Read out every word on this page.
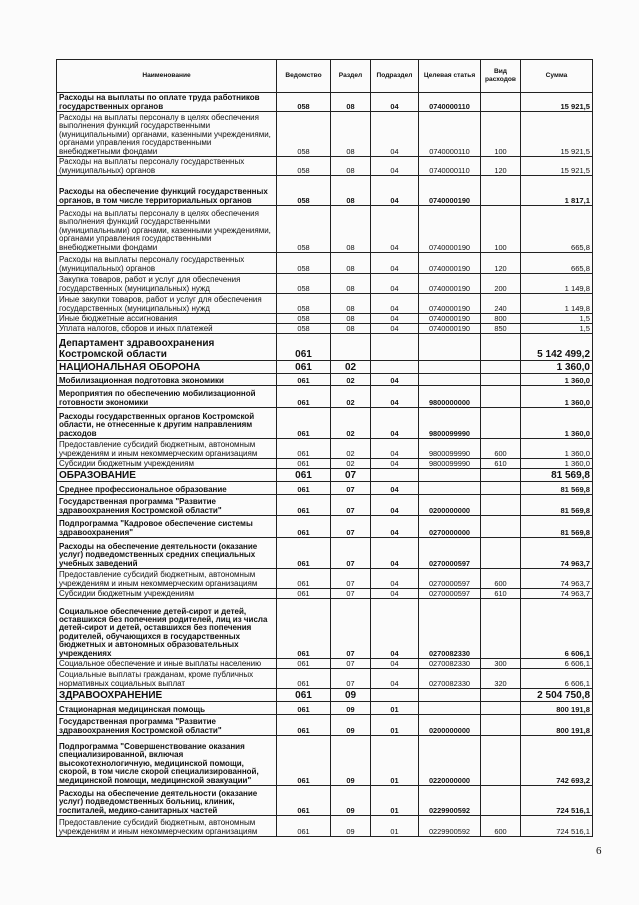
Наименование	Ведомство	Раздел	Подраздел	Целевая статья	Вид расходов	Сумма
Расходы на выплаты по оплате труда работников государственных органов	058	08	04	0740000110		15 921,5
Расходы на выплаты персоналу в целях обеспечения выполнения функций государственными (муниципальными) органами, казенными учреждениями, органами управления государственными внебюджетными фондами	058	08	04	0740000110	100	15 921,5
Расходы на выплаты персоналу государственных (муниципальных) органов	058	08	04	0740000110	120	15 921,5
Расходы на обеспечение функций государственных органов, в том числе территориальных органов	058	08	04	0740000190		1 817,1
Расходы на выплаты персоналу в целях обеспечения выполнения функций государственными (муниципальными) органами, казенными учреждениями, органами управления государственными внебюджетными фондами	058	08	04	0740000190	100	665,8
Расходы на выплаты персоналу государственных (муниципальных) органов	058	08	04	0740000190	120	665,8
Закупка товаров, работ и услуг для обеспечения государственных (муниципальных) нужд	058	08	04	0740000190	200	1 149,8
Иные закупки товаров, работ и услуг для обеспечения государственных (муниципальных) нужд	058	08	04	0740000190	240	1 149,8
Иные бюджетные ассигнования	058	08	04	0740000190	800	1,5
Уплата налогов, сборов и иных платежей	058	08	04	0740000190	850	1,5
Департамент здравоохранения Костромской области	061					5 142 499,2
НАЦИОНАЛЬНАЯ ОБОРОНА	061	02				1 360,0
Мобилизационная подготовка экономики	061	02	04			1 360,0
Мероприятия по обеспечению мобилизационной готовности экономики	061	02	04	9800000000		1 360,0
Расходы государственных органов Костромской области, не отнесенные к другим направлениям расходов	061	02	04	9800099990		1 360,0
Предоставление субсидий бюджетным, автономным учреждениям и иным некоммерческим организациям	061	02	04	9800099990	600	1 360,0
Субсидии бюджетным учреждениям	061	02	04	9800099990	610	1 360,0
ОБРАЗОВАНИЕ	061	07				81 569,8
Среднее профессиональное образование	061	07	04			81 569,8
Государственная программа "Развитие здравоохранения Костромской области"	061	07	04	0200000000		81 569,8
Подпрограмма "Кадровое обеспечение системы здравоохранения"	061	07	04	0270000000		81 569,8
Расходы на обеспечение деятельности (оказание услуг) подведомственных средних специальных учебных заведений	061	07	04	0270000597		74 963,7
Предоставление субсидий бюджетным, автономным учреждениям и иным некоммерческим организациям	061	07	04	0270000597	600	74 963,7
Субсидии бюджетным учреждениям	061	07	04	0270000597	610	74 963,7
Социальное обеспечение детей-сирот и детей, оставшихся без попечения родителей, лиц из числа детей-сирот и детей, оставшихся без попечения родителей, обучающихся в государственных бюджетных и автономных образовательных учреждениях	061	07	04	0270082330		6 606,1
Социальное обеспечение и иные выплаты населению	061	07	04	0270082330	300	6 606,1
Социальные выплаты гражданам, кроме публичных нормативных социальных выплат	061	07	04	0270082330	320	6 606,1
ЗДРАВООХРАНЕНИЕ	061	09				2 504 750,8
Стационарная медицинская помощь	061	09	01			800 191,8
Государственная программа "Развитие здравоохранения Костромской области"	061	09	01	0200000000		800 191,8
Подпрограмма "Совершенствование оказания специализированной, включая высокотехнологичную, медицинской помощи, скорой, в том числе скорой специализированной, медицинской помощи, медицинской эвакуации"	061	09	01	0220000000		742 693,2
Расходы на обеспечение деятельности (оказание услуг) подведомственных больниц, клиник, госпиталей, медико-санитарных частей	061	09	01	0229900592		724 516,1
Предоставление субсидий бюджетным, автономным учреждениям и иным некоммерческим организациям	061	09	01	0229900592	600	724 516,1
6
